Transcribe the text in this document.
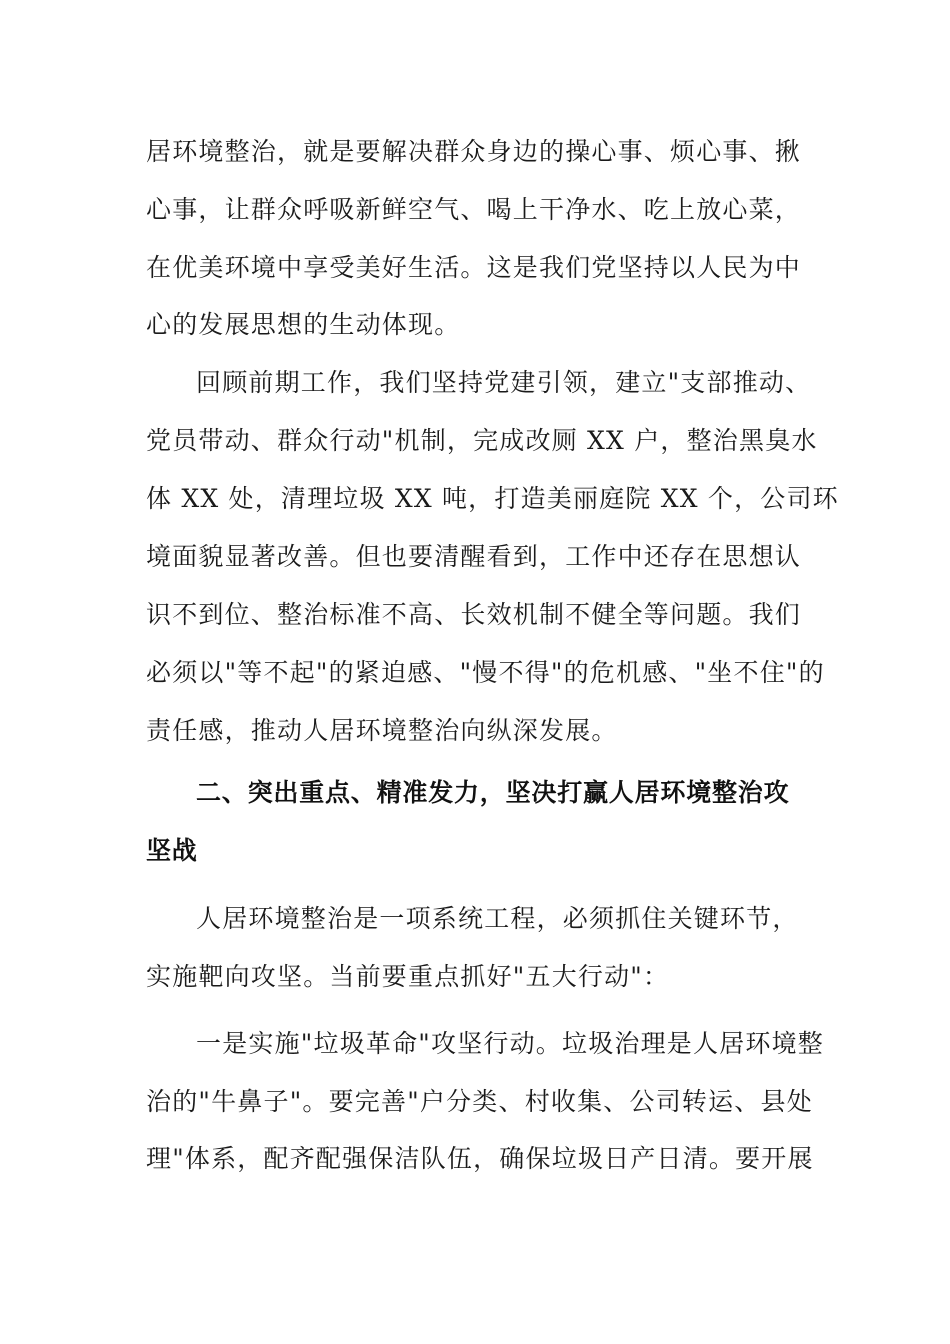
居环境整治，就是要解决群众身边的操心事、烦心事、揪

心事，让群众呼吸新鲜空气、喝上干净水、吃上放心菜，

在优美环境中享受美好生活。这是我们党坚持以人民为中

心的发展思想的生动体现。

回顾前期工作，我们坚持党建引领，建立"支部推动、

党员带动、群众行动"机制，完成改厕 XX 户，整治黑臭水

体 XX 处，清理垃圾 XX 吨，打造美丽庭院 XX 个，公司环

境面貌显著改善。但也要清醒看到，工作中还存在思想认

识不到位、整治标准不高、长效机制不健全等问题。我们

必须以"等不起"的紧迫感、"慢不得"的危机感、"坐不住"的

责任感，推动人居环境整治向纵深发展。

二、突出重点、精准发力，坚决打赢人居环境整治攻

坚战

人居环境整治是一项系统工程，必须抓住关键环节，

实施靶向攻坚。当前要重点抓好"五大行动"：

一是实施"垃圾革命"攻坚行动。垃圾治理是人居环境整

治的"牛鼻子"。要完善"户分类、村收集、公司转运、县处

理"体系，配齐配强保洁队伍，确保垃圾日产日清。要开展
